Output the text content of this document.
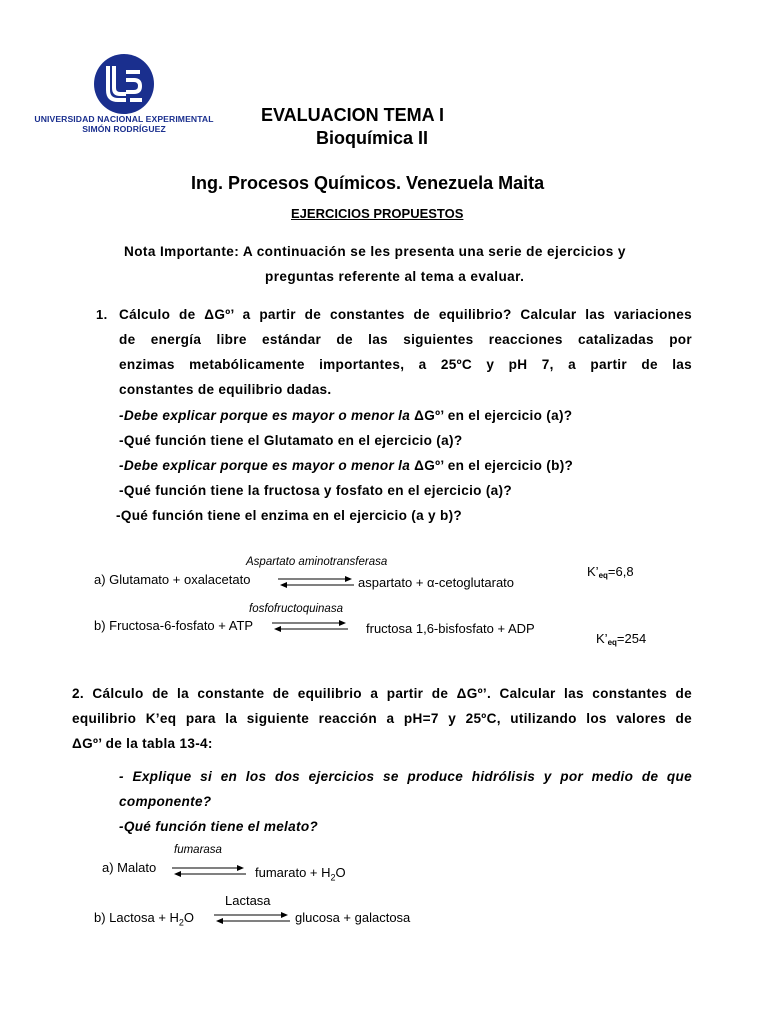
UNIVERSIDAD NACIONAL EXPERIMENTAL
SIMÓN RODRÍGUEZ
EVALUACION TEMA I
Bioquímica II
Ing. Procesos Químicos. Venezuela Maita
EJERCICIOS PROPUESTOS
Nota Importante: A continuación se les presenta una serie de ejercicios y
preguntas referente al tema a evaluar.
1. Cálculo de ΔGº’ a partir de constantes de equilibrio? Calcular las variaciones
de energía libre estándar de las siguientes reacciones catalizadas por
enzimas metabólicamente importantes, a 25ºC y pH 7, a partir de las
constantes de equilibrio dadas.
-Debe explicar porque es mayor o menor la ΔGº’ en el ejercicio (a)?
-Qué función tiene el Glutamato en el ejercicio (a)?
-Debe explicar porque es mayor o menor la ΔGº’ en el ejercicio (b)?
-Qué función tiene la fructosa y fosfato en el ejercicio (a)?
-Qué función tiene el enzima en el ejercicio (a y b)?
Aspartato aminotransferasa
a) Glutamato + oxalacetato	aspartato + α-cetoglutarato
$K’_{eq}=6,8$
fosfofructoquinasa
b) Fructosa-6-fosfato + ATP	fructosa 1,6-bisfosfato + ADP
$K’_{eq}=254$
2. Cálculo de la constante de equilibrio a partir de ΔGº’. Calcular las constantes de
equilibrio K’eq para la siguiente reacción a pH=7 y 25ºC, utilizando los valores de
ΔGº’ de la tabla 13-4:
- Explique si en los dos ejercicios se produce hidrólisis y por medio de que
componente?
-Qué función tiene el melato?
fumarasa
a) Malato	fumarato + $H_2O$
Lactasa
b) Lactosa + $H_2O$	glucosa + galactosa
